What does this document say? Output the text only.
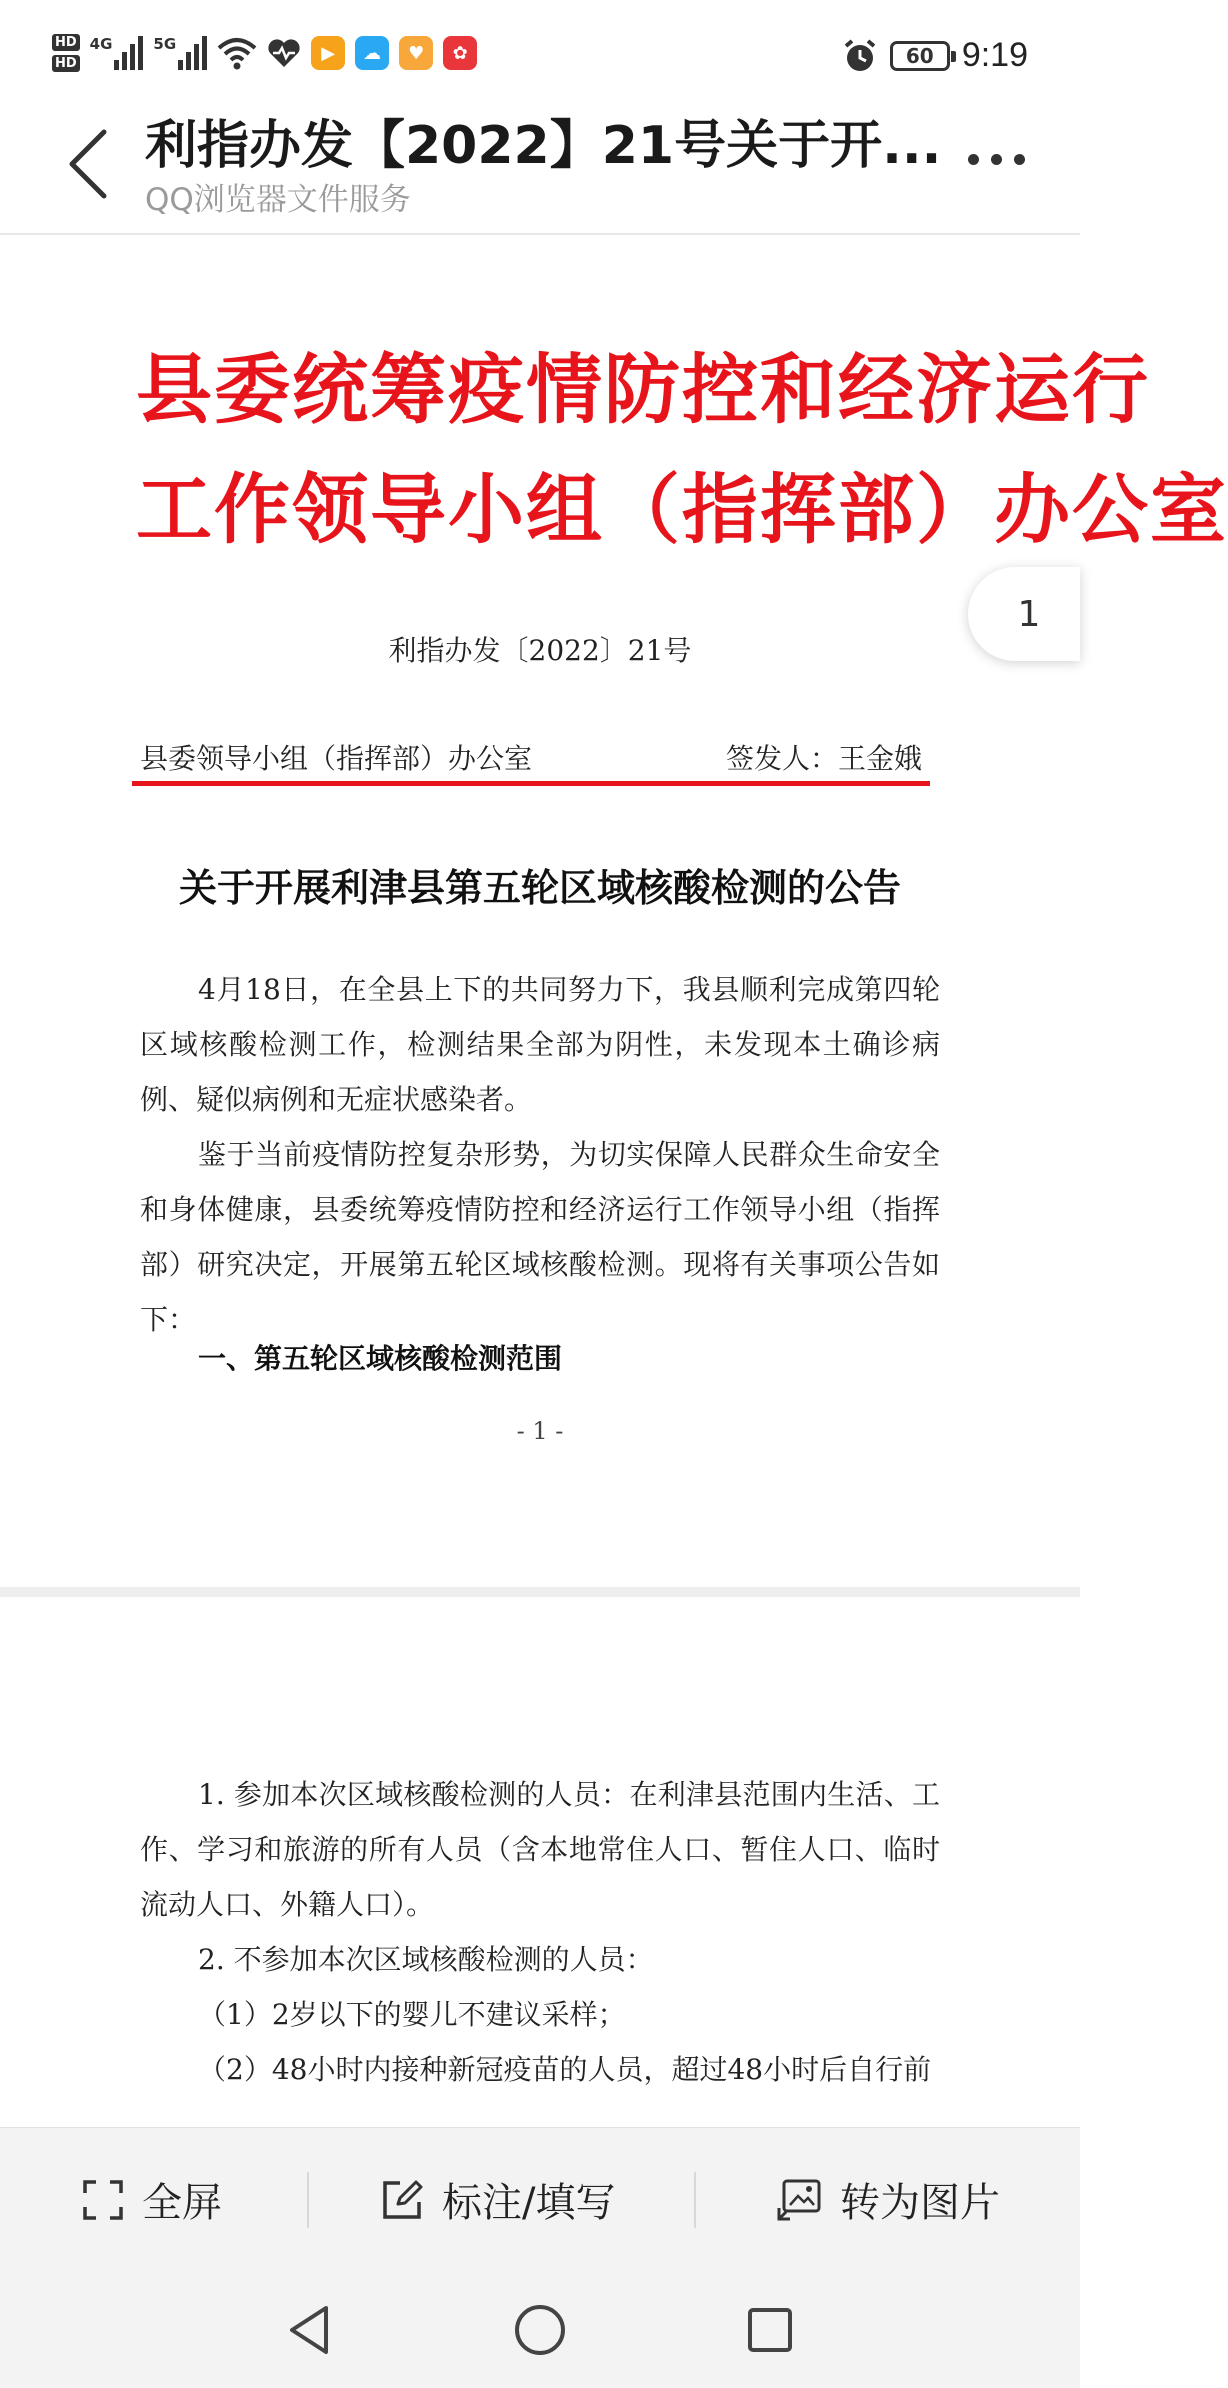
HD
HD
4G	5G	▶	☁	♥	✿	60 9:19
利指办发【2022】21号关于开...
QQ浏览器文件服务
县委统筹疫情防控和经济运行
工作领导小组（指挥部）办公室
利指办发〔2022〕21号
县委领导小组（指挥部）办公室	签发人：王金娥
关于开展利津县第五轮区域核酸检测的公告
4月18日，在全县上下的共同努力下，我县顺利完成第四轮区域核酸检测工作，检测结果全部为阴性，未发现本土确诊病例、疑似病例和无症状感染者。
鉴于当前疫情防控复杂形势，为切实保障人民群众生命安全和身体健康，县委统筹疫情防控和经济运行工作领导小组（指挥部）研究决定，开展第五轮区域核酸检测。现将有关事项公告如下：
一、第五轮区域核酸检测范围
- 1 -
1. 参加本次区域核酸检测的人员：在利津县范围内生活、工作、学习和旅游的所有人员（含本地常住人口、暂住人口、临时流动人口、外籍人口）。
2. 不参加本次区域核酸检测的人员：
（1）2岁以下的婴儿不建议采样；
（2）48小时内接种新冠疫苗的人员，超过48小时后自行前
1
全屏	标注/填写	转为图片
